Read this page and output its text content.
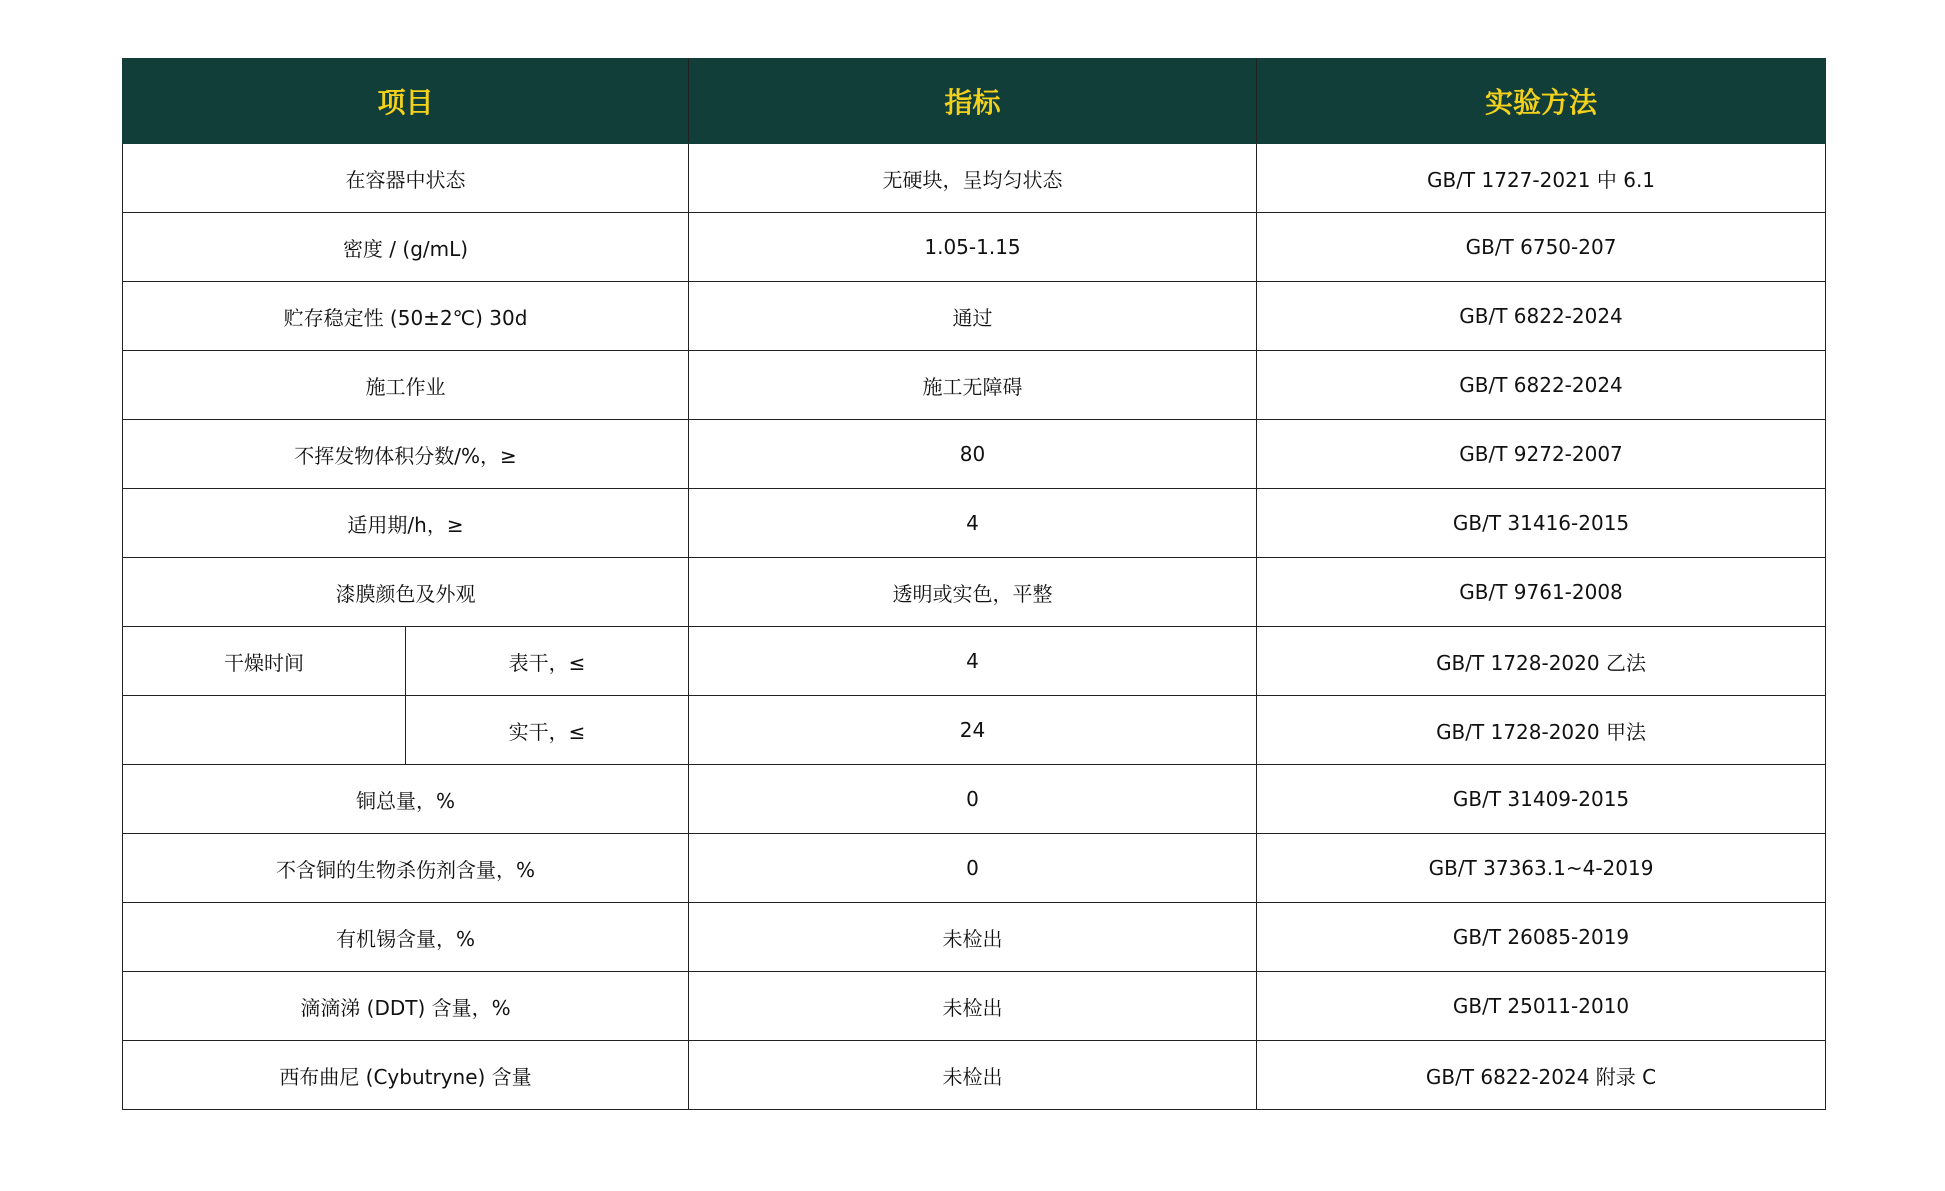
项目		指标	实验方法
在容器中状态		无硬块，呈均匀状态	GB/T 1727-2021 中 6.1
密度 / (g/mL)		1.05-1.15	GB/T 6750-207
贮存稳定性 (50±2℃) 30d		通过	GB/T 6822-2024
施工作业		施工无障碍	GB/T 6822-2024
不挥发物体积分数/%，≥		80	GB/T 9272-2007
适用期/h，≥		4	GB/T 31416-2015
漆膜颜色及外观		透明或实色，平整	GB/T 9761-2008
干燥时间	表干，≤	4	GB/T 1728-2020 乙法
	实干，≤	24	GB/T 1728-2020 甲法
铜总量，%		0	GB/T 31409-2015
不含铜的生物杀伤剂含量，%		0	GB/T 37363.1~4-2019
有机锡含量，%		未检出	GB/T 26085-2019
滴滴涕 (DDT) 含量，%		未检出	GB/T 25011-2010
西布曲尼 (Cybutryne) 含量		未检出	GB/T 6822-2024 附录 C
